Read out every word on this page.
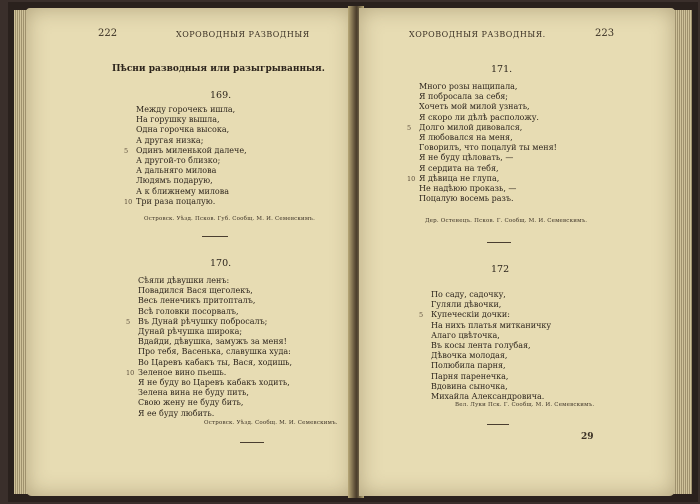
222	ХОРОВОДНЫЯ РАЗВОДНЫЯ
Пѣсни разводныя или разыгрыванныя.
169.
Между горочекъ ишла,
На горушку вышла,
Одна горочка высока,
А другая низка;
Одинъ миленькой далече,
5
А другой-то близко;
А дальняго милова
Людямъ подарую,
А к ближнему милова
Три раза поцалую.
10
Островск. Уѣзд. Псков. Губ. Сообщ. М. И. Семевскимъ.
170.
Сѣяли дѣвушки ленъ:
Повадился Вася щеголекъ,
Весь ленечикъ притопталъ,
Всѣ головки посорвалъ,
Въ Дунай рѣчушку побросалъ;
5
Дунай рѣчушка широка;
Вдайди, дѣвушка, замужъ за меня!
Про тебя, Васенька, славушка худа:
Во Царевъ кабакъ ты, Вася, ходишь,
Зеленое вино пьешь.
10
Я не буду во Царевъ кабакъ ходить,
Зелена вина не буду пить,
Свою жену не буду бить,
Я ее буду любить.
Островск. Уѣзд. Сообщ. М. И. Семевскимъ.
ХОРОВОДНЫЯ РАЗВОДНЫЯ.	223
171.
Много розы нащипала,
Я побросала за себя;
Хочеть мой милой узнать,
Я скоро ли дѣлѣ расположу.
Долго милой дивовался,
5
Я любовался на меня,
Говорилъ, что поцалуй ты меня!
Я не буду цѣловать, —
Я сердита на тебя,
Я дѣвица не глупа,
10
Не надѣюю проказь, —
Поцалую восемь разъ.
Дер. Остенецъ. Псков. Г. Сообщ. М. И. Семевскимъ.
172
По саду, садочку,
Гуляли дѣвочки,
Купеческiи дочки:
5
На нихъ платья митканичку
Алаго цвѣточка,
Въ косы лента голубая,
Дѣвочка молодая,
Полюбила парня,
Парня паренечка,
Вдовина сыночка,
Михайла Александровича.
Вел. Луки Пск. Г. Сообщ. М. И. Семевскимъ.
29
